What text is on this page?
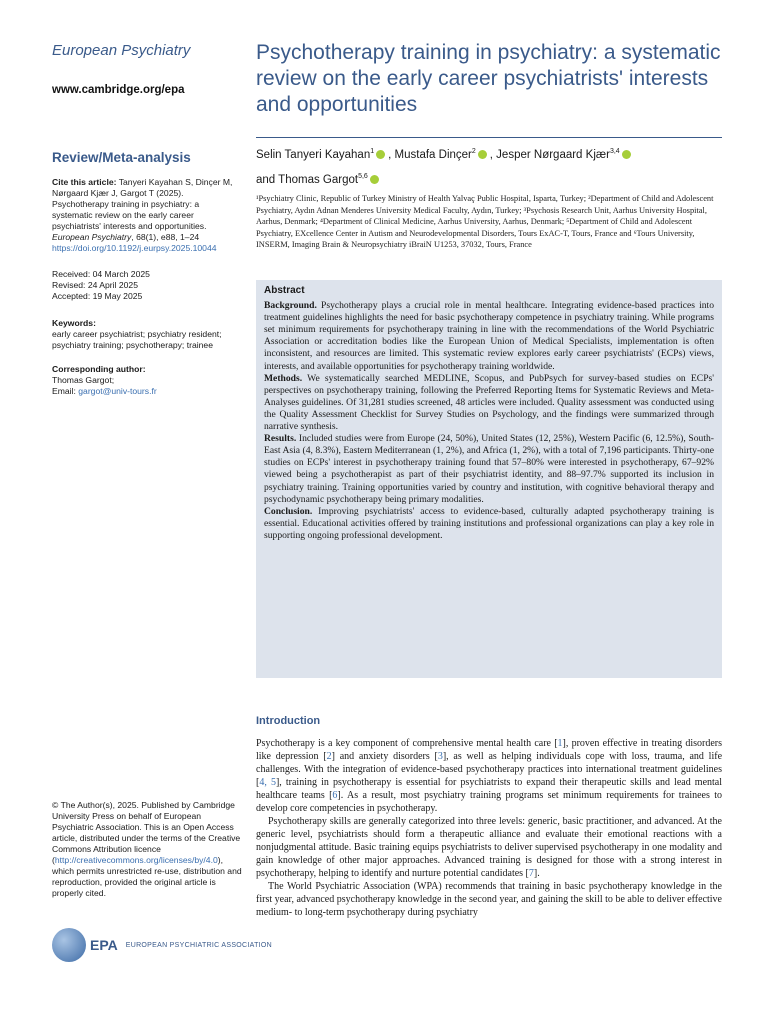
European Psychiatry
www.cambridge.org/epa
Review/Meta-analysis
Cite this article: Tanyeri Kayahan S, Dinçer M, Nørgaard Kjær J, Gargot T (2025). Psychotherapy training in psychiatry: a systematic review on the early career psychiatrists' interests and opportunities. European Psychiatry, 68(1), e88, 1–24
https://doi.org/10.1192/j.eurpsy.2025.10044
Received: 04 March 2025
Revised: 24 April 2025
Accepted: 19 May 2025
Keywords:
early career psychiatrist; psychiatry resident; psychiatry training; psychotherapy; trainee
Corresponding author:
Thomas Gargot;
Email: gargot@univ-tours.fr
© The Author(s), 2025. Published by Cambridge University Press on behalf of European Psychiatric Association. This is an Open Access article, distributed under the terms of the Creative Commons Attribution licence (http://creativecommons.org/licenses/by/4.0), which permits unrestricted re-use, distribution and reproduction, provided the original article is properly cited.
EPA EUROPEAN PSYCHIATRIC ASSOCIATION
Psychotherapy training in psychiatry: a systematic review on the early career psychiatrists' interests and opportunities
Selin Tanyeri Kayahan$^1$ , Mustafa Dinçer$^2$ , Jesper Nørgaard Kjær$^{3,4}$
and Thomas Gargot$^{5,6}$
¹Psychiatry Clinic, Republic of Turkey Ministry of Health Yalvaç Public Hospital, Isparta, Turkey; ²Department of Child and Adolescent Psychiatry, Aydın Adnan Menderes University Medical Faculty, Aydın, Turkey; ³Psychosis Research Unit, Aarhus University Hospital, Aarhus, Denmark; ⁴Department of Clinical Medicine, Aarhus University, Aarhus, Denmark; ⁵Department of Child and Adolescent Psychiatry, EXcellence Center in Autism and Neurodevelopmental Disorders, Tours ExAC-T, Tours, France and ⁶Tours University, INSERM, Imaging Brain & Neuropsychiatry iBraiN U1253, 37032, Tours, France
Abstract

Background. Psychotherapy plays a crucial role in mental healthcare. Integrating evidence-based practices into treatment guidelines highlights the need for basic psychotherapy competence in psychiatry training. While programs set minimum requirements for psychotherapy training in line with the recommendations of the World Psychiatric Association or accreditation bodies like the European Union of Medical Specialists, implementation is often inconsistent, and resources are limited. This systematic review explores early career psychiatrists' (ECPs) views, interests, and available opportunities for psychotherapy training worldwide.

Methods. We systematically searched MEDLINE, Scopus, and PubPsych for survey-based studies on ECPs' perspectives on psychotherapy training, following the Preferred Reporting Items for Systematic Reviews and Meta-Analyses guidelines. Of 31,281 studies screened, 48 articles were included. Quality assessment was conducted using the Quality Assessment Checklist for Survey Studies on Psychology, and the findings were summarized through narrative synthesis.

Results. Included studies were from Europe (24, 50%), United States (12, 25%), Western Pacific (6, 12.5%), South-East Asia (4, 8.3%), Eastern Mediterranean (1, 2%), and Africa (1, 2%), with a total of 7,196 participants. Thirty-one studies on ECPs' interest in psychotherapy training found that 57–80% were interested in psychotherapy, 67–92% viewed being a psychotherapist as part of their psychiatrist identity, and 88–97.7% supported its inclusion in psychiatry training. Training opportunities varied by country and institution, with cognitive behavioral therapy and psychodynamic psychotherapy being primary modalities.

Conclusion. Improving psychiatrists' access to evidence-based, culturally adapted psychotherapy training is essential. Educational activities offered by training institutions and professional organizations can play a key role in supporting ongoing professional development.

Introduction

Psychotherapy is a key component of comprehensive mental health care [1], proven effective in treating disorders like depression [2] and anxiety disorders [3], as well as helping individuals cope with loss, trauma, and life challenges. With the integration of evidence-based psychotherapy practices into international treatment guidelines [4, 5], training in psychotherapy is essential for psychiatrists to expand their therapeutic skills and lead mental healthcare teams [6]. As a result, most psychiatry training programs set minimum requirements for trainees to develop core competencies in psychotherapy.

Psychotherapy skills are generally categorized into three levels: generic, basic practitioner, and advanced. At the generic level, psychiatrists should form a therapeutic alliance and evaluate their emotional reactions with a nonjudgmental attitude. Basic training equips psychiatrists to deliver supervised psychotherapy in one modality and gain knowledge of other major approaches. Advanced training is designed for those with a strong interest in psychotherapy, helping to identify and nurture potential candidates [7].

The World Psychiatric Association (WPA) recommends that training in basic psychotherapy knowledge in the first year, advanced psychotherapy knowledge in the second year, and gaining the skill to be able to deliver effective medium- to long-term psychotherapy during psychiatry
